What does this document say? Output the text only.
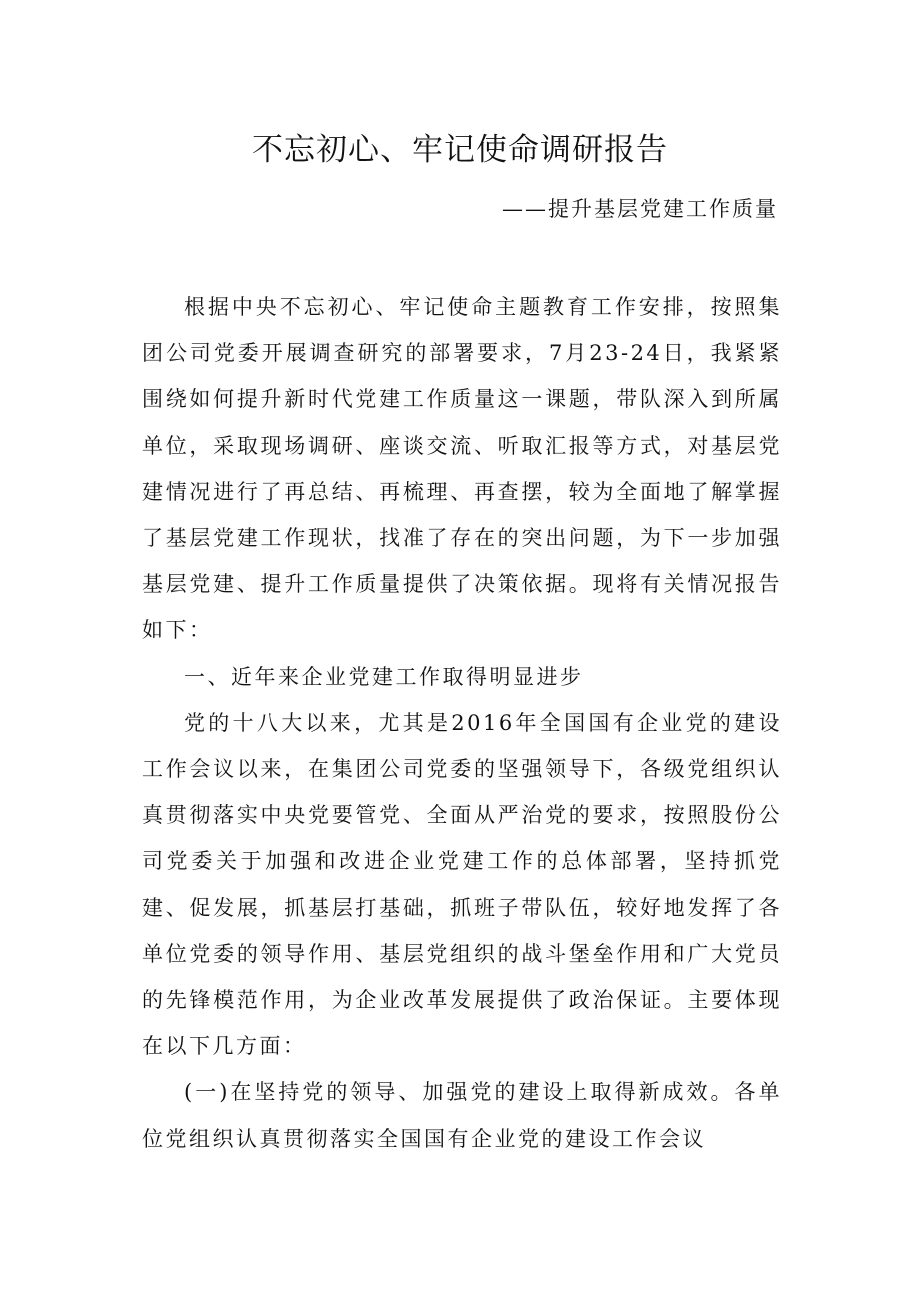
不忘初心、牢记使命调研报告
——提升基层党建工作质量

根据中央不忘初心、牢记使命主题教育工作安排，按照集团公司党委开展调查研究的部署要求，7月23-24日，我紧紧围绕如何提升新时代党建工作质量这一课题，带队深入到所属单位，采取现场调研、座谈交流、听取汇报等方式，对基层党建情况进行了再总结、再梳理、再查摆，较为全面地了解掌握了基层党建工作现状，找准了存在的突出问题，为下一步加强基层党建、提升工作质量提供了决策依据。现将有关情况报告如下：

一、近年来企业党建工作取得明显进步

党的十八大以来，尤其是2016年全国国有企业党的建设工作会议以来，在集团公司党委的坚强领导下，各级党组织认真贯彻落实中央党要管党、全面从严治党的要求，按照股份公司党委关于加强和改进企业党建工作的总体部署，坚持抓党建、促发展，抓基层打基础，抓班子带队伍，较好地发挥了各单位党委的领导作用、基层党组织的战斗堡垒作用和广大党员的先锋模范作用，为企业改革发展提供了政治保证。主要体现在以下几方面：

(一)在坚持党的领导、加强党的建设上取得新成效。各单位党组织认真贯彻落实全国国有企业党的建设工作会议
